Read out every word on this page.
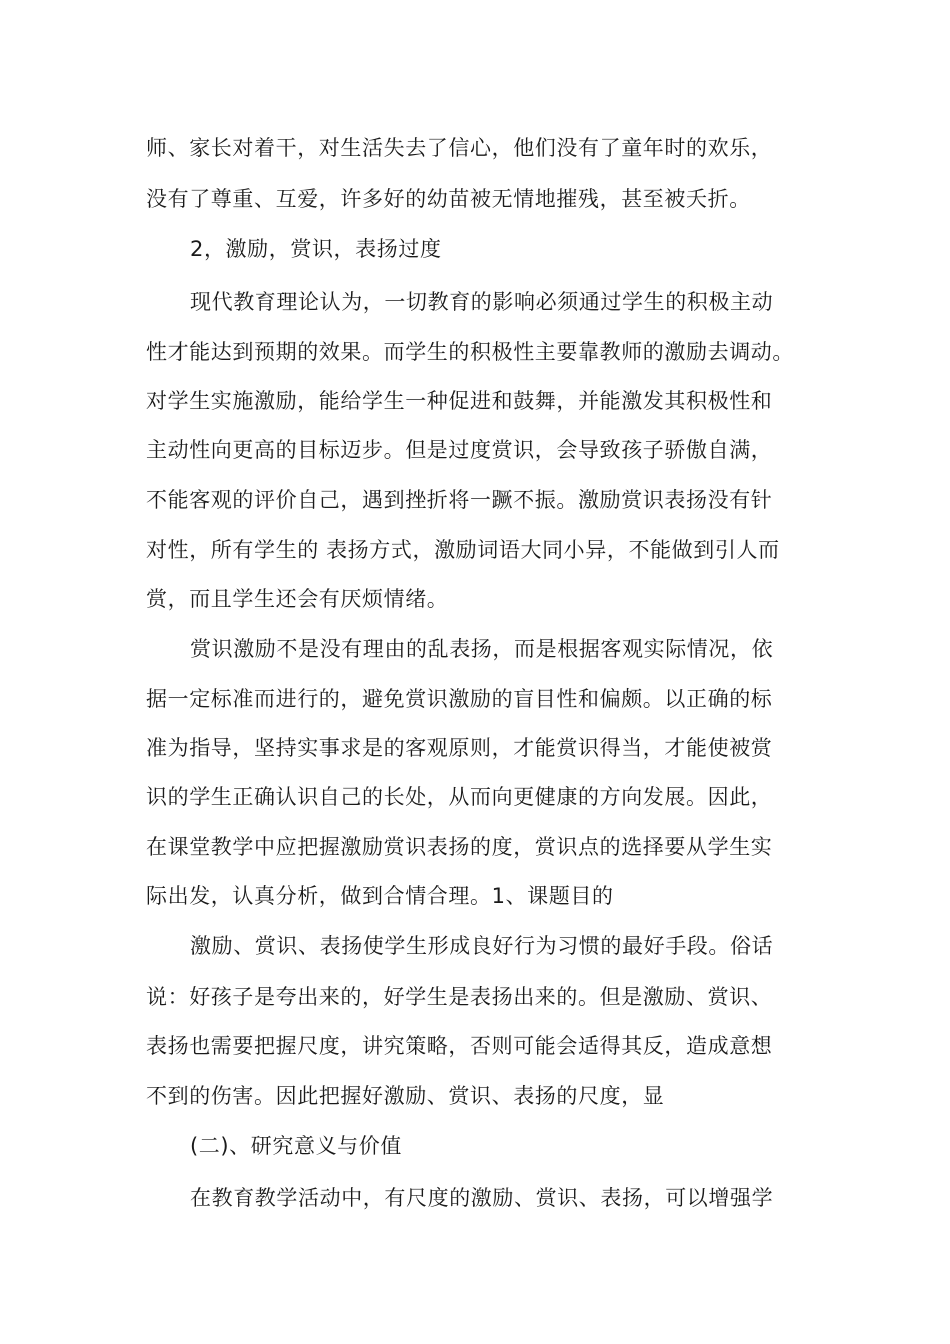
师、家长对着干，对生活失去了信心，他们没有了童年时的欢乐，
没有了尊重、互爱，许多好的幼苗被无情地摧残，甚至被夭折。
2，激励，赏识，表扬过度
现代教育理论认为，一切教育的影响必须通过学生的积极主动
性才能达到预期的效果。而学生的积极性主要靠教师的激励去调动。
对学生实施激励，能给学生一种促进和鼓舞，并能激发其积极性和
主动性向更高的目标迈步。但是过度赏识，会导致孩子骄傲自满，
不能客观的评价自己，遇到挫折将一蹶不振。激励赏识表扬没有针
对性，所有学生的 表扬方式，激励词语大同小异，不能做到引人而
赏，而且学生还会有厌烦情绪。
赏识激励不是没有理由的乱表扬，而是根据客观实际情况，依
据一定标准而进行的，避免赏识激励的盲目性和偏颇。以正确的标
准为指导，坚持实事求是的客观原则，才能赏识得当，才能使被赏
识的学生正确认识自己的长处，从而向更健康的方向发展。因此，
在课堂教学中应把握激励赏识表扬的度，赏识点的选择要从学生实
际出发，认真分析，做到合情合理。1、课题目的
激励、赏识、表扬使学生形成良好行为习惯的最好手段。俗话
说：好孩子是夸出来的，好学生是表扬出来的。但是激励、赏识、
表扬也需要把握尺度，讲究策略，否则可能会适得其反，造成意想
不到的伤害。因此把握好激励、赏识、表扬的尺度，显
(二)、研究意义与价值
在教育教学活动中，有尺度的激励、赏识、表扬，可以增强学
